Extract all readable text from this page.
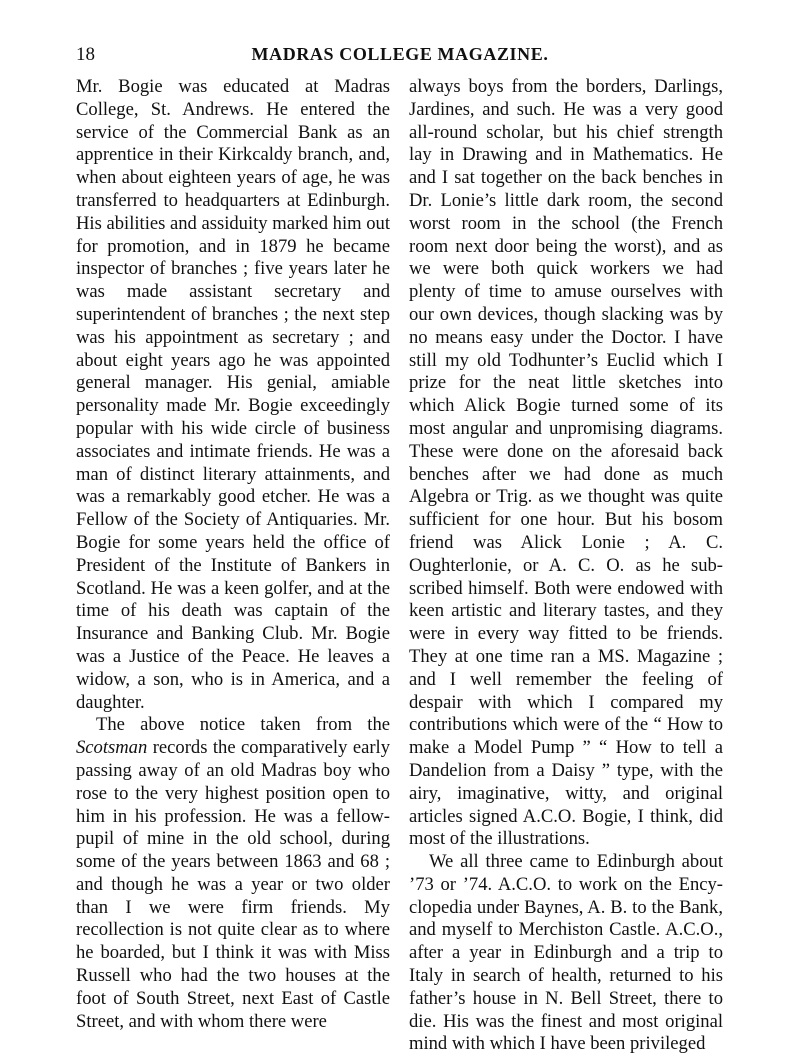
18	MADRAS COLLEGE MAGAZINE.

Mr. Bogie was educated at Madras College, St. Andrews. He entered the service of the Commercial Bank as an apprentice in their Kirkcaldy branch, and, when about eighteen years of age, he was transferred to headquarters at Edinburgh. His abilities and assiduity marked him out for promotion, and in 1879 he became inspector of branches ; five years later he was made assistant secretary and superintendent of branches ; the next step was his appointment as secretary ; and about eight years ago he was appointed general manager. His genial, amiable personality made Mr. Bogie exceedingly popular with his wide circle of business associates and intimate friends. He was a man of distinct literary attainments, and was a remarkably good etcher. He was a Fellow of the Society of Antiquaries. Mr. Bogie for some years held the office of President of the Institute of Bankers in Scotland. He was a keen golfer, and at the time of his death was captain of the Insurance and Banking Club. Mr. Bogie was a Justice of the Peace. He leaves a widow, a son, who is in America, and a daughter.

The above notice taken from the Scotsman records the comparatively early passing away of an old Madras boy who rose to the very highest position open to him in his profession. He was a fellow-pupil of mine in the old school, during some of the years between 1863 and 68 ; and though he was a year or two older than I we were firm friends. My recollection is not quite clear as to where he boarded, but I think it was with Miss Russell who had the two houses at the foot of South Street, next East of Castle Street, and with whom there were

always boys from the borders, Darlings, Jardines, and such. He was a very good all-round scholar, but his chief strength lay in Drawing and in Mathematics. He and I sat together on the back benches in Dr. Lonie’s little dark room, the second worst room in the school (the French room next door being the worst), and as we were both quick workers we had plenty of time to amuse ourselves with our own devices, though slacking was by no means easy under the Doctor. I have still my old Todhunter’s Euclid which I prize for the neat little sketches into which Alick Bogie turned some of its most angular and unpromising diagrams. These were done on the aforesaid back benches after we had done as much Algebra or Trig. as we thought was quite sufficient for one hour. But his bosom friend was Alick Lonie ; A. C. Oughterlonie, or A. C. O. as he sub-scribed himself. Both were endowed with keen artistic and literary tastes, and they were in every way fitted to be friends. They at one time ran a MS. Magazine ; and I well remember the feeling of despair with which I compared my contributions which were of the “ How to make a Model Pump ” “ How to tell a Dandelion from a Daisy ” type, with the airy, imaginative, witty, and original articles signed A.C.O. Bogie, I think, did most of the illustrations.

We all three came to Edinburgh about ’73 or ’74. A.C.O. to work on the Ency-clopedia under Baynes, A. B. to the Bank, and myself to Merchiston Castle. A.C.O., after a year in Edinburgh and a trip to Italy in search of health, returned to his father’s house in N. Bell Street, there to die. His was the finest and most original mind with which I have been privileged
